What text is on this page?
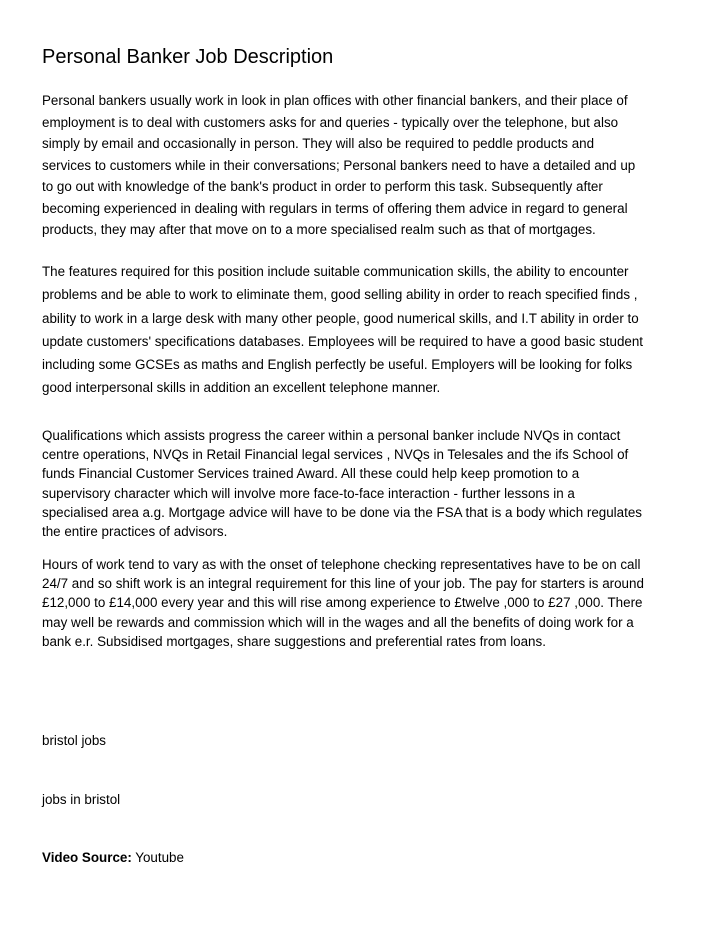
Personal Banker Job Description

Personal bankers usually work in look in plan offices with other financial bankers, and their place of
employment is to deal with customers asks for and queries - typically over the telephone, but also
simply by email and occasionally in person. They will also be required to peddle products and
services to customers while in their conversations; Personal bankers need to have a detailed and up
to go out with knowledge of the bank's product in order to perform this task. Subsequently after
becoming experienced in dealing with regulars in terms of offering them advice in regard to general
products, they may after that move on to a more specialised realm such as that of mortgages.

The features required for this position include suitable communication skills, the ability to encounter
problems and be able to work to eliminate them, good selling ability in order to reach specified finds ,
ability to work in a large desk with many other people, good numerical skills, and I.T ability in order to
update customers' specifications databases. Employees will be required to have a good basic student
including some GCSEs as maths and English perfectly be useful. Employers will be looking for folks
good interpersonal skills in addition an excellent telephone manner.

Qualifications which assists progress the career within a personal banker include NVQs in contact
centre operations, NVQs in Retail Financial legal services , NVQs in Telesales and the ifs School of
funds Financial Customer Services trained Award. All these could help keep promotion to a
supervisory character which will involve more face-to-face interaction - further lessons in a
specialised area a.g. Mortgage advice will have to be done via the FSA that is a body which regulates
the entire practices of advisors.

Hours of work tend to vary as with the onset of telephone checking representatives have to be on call
24/7 and so shift work is an integral requirement for this line of your job. The pay for starters is around
£12,000 to £14,000 every year and this will rise among experience to £twelve ,000 to £27 ,000. There
may well be rewards and commission which will in the wages and all the benefits of doing work for a
bank e.r. Subsidised mortgages, share suggestions and preferential rates from loans.

bristol jobs
jobs in bristol

Video Source: Youtube
